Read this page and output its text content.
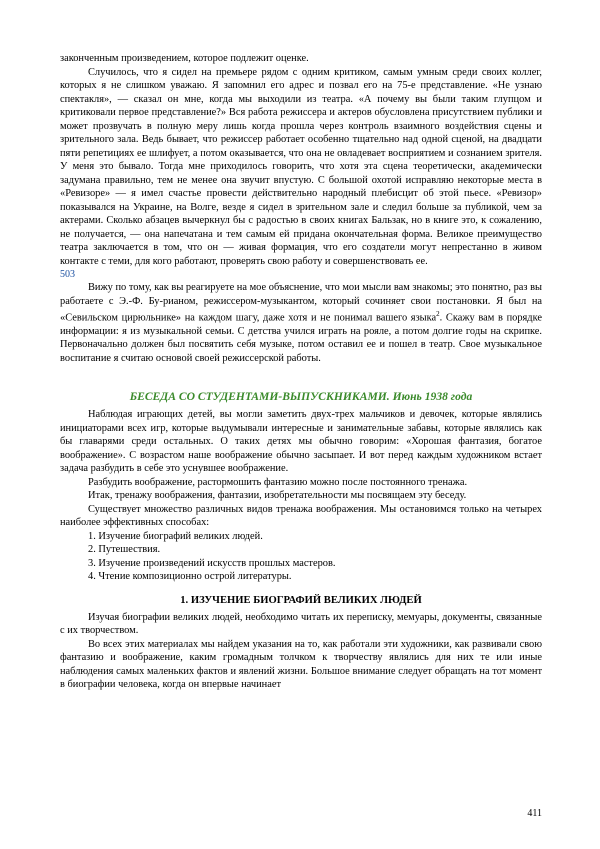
законченным произведением, которое подлежит оценке.

Случилось, что я сидел на премьере рядом с одним критиком, самым умным среди своих коллег, которых я не слишком уважаю. Я запомнил его адрес и позвал его на 75-е представление. «Не узнаю спектакля», — сказал он мне, когда мы выходили из театра. «А почему вы были таким глупцом и критиковали первое представление?» Вся работа режиссера и актеров обусловлена присутствием публики и может прозвучать в полную меру лишь когда прошла через контроль взаимного воздействия сцены и зрительного зала. Ведь бывает, что режиссер работает особенно тщательно над одной сценой, на двадцати пяти репетициях ее шлифует, а потом оказывается, что она не овладевает восприятием и сознанием зрителя. У меня это бывало. Тогда мне приходилось говорить, что хотя эта сцена теоретически, академически задумана правильно, тем не менее она звучит впустую. С большой охотой исправляю некоторые места в «Ревизоре» — я имел счастье провести действительно народный плебисцит об этой пьесе. «Ревизор» показывался на Украине, на Волге, везде я сидел в зрительном зале и следил больше за публикой, чем за актерами. Сколько абзацев вычеркнул бы с радостью в своих книгах Бальзак, но в книге это, к сожалению, не получается, — она напечатана и тем самым ей придана окончательная форма. Великое преимущество театра заключается в том, что он — живая формация, что его создатели могут непрестанно в живом контакте с теми, для кого работают, проверять свою работу и совершенствовать ее.

503

Вижу по тому, как вы реагируете на мое объяснение, что мои мысли вам знакомы; это понятно, раз вы работаете с Э.-Ф. Бу-рианом, режиссером-музыкантом, который сочиняет свои постановки. Я был на «Севильском цирюльнике» на каждом шагу, даже хотя и не понимал вашего языка$^2$. Скажу вам в порядке информации: я из музыкальной семьи. С детства учился играть на рояле, а потом долгие годы на скрипке. Первоначально должен был посвятить себя музыке, потом оставил ее и пошел в театр. Свое музыкальное воспитание я считаю основой своей режиссерской работы.

БЕСЕДА СО СТУДЕНТАМИ-ВЫПУСКНИКАМИ. Июнь 1938 года

Наблюдая играющих детей, вы могли заметить двух-трех мальчиков и девочек, которые являлись инициаторами всех игр, которые выдумывали интересные и занимательные забавы, которые являлись как бы главарями среди остальных. О таких детях мы обычно говорим: «Хорошая фантазия, богатое воображение». С возрастом наше воображение обычно засыпает. И вот перед каждым художником встает задача разбудить в себе это уснувшее воображение.

Разбудить воображение, растормошить фантазию можно после постоянного тренажа.

Итак, тренажу воображения, фантазии, изобретательности мы посвящаем эту беседу.

Существует множество различных видов тренажа воображения. Мы остановимся только на четырех наиболее эффективных способах:

1. Изучение биографий великих людей.
2. Путешествия.
3. Изучение произведений искусств прошлых мастеров.
4. Чтение композиционно острой литературы.
1. ИЗУЧЕНИЕ БИОГРАФИЙ ВЕЛИКИХ ЛЮДЕЙ

Изучая биографии великих людей, необходимо читать их переписку, мемуары, документы, связанные с их творчеством.

Во всех этих материалах мы найдем указания на то, как работали эти художники, как развивали свою фантазию и воображение, каким громадным толчком к творчеству являлись для них те или иные наблюдения самых маленьких фактов и явлений жизни. Большое внимание следует обращать на тот момент в биографии человека, когда он впервые начинает

411
